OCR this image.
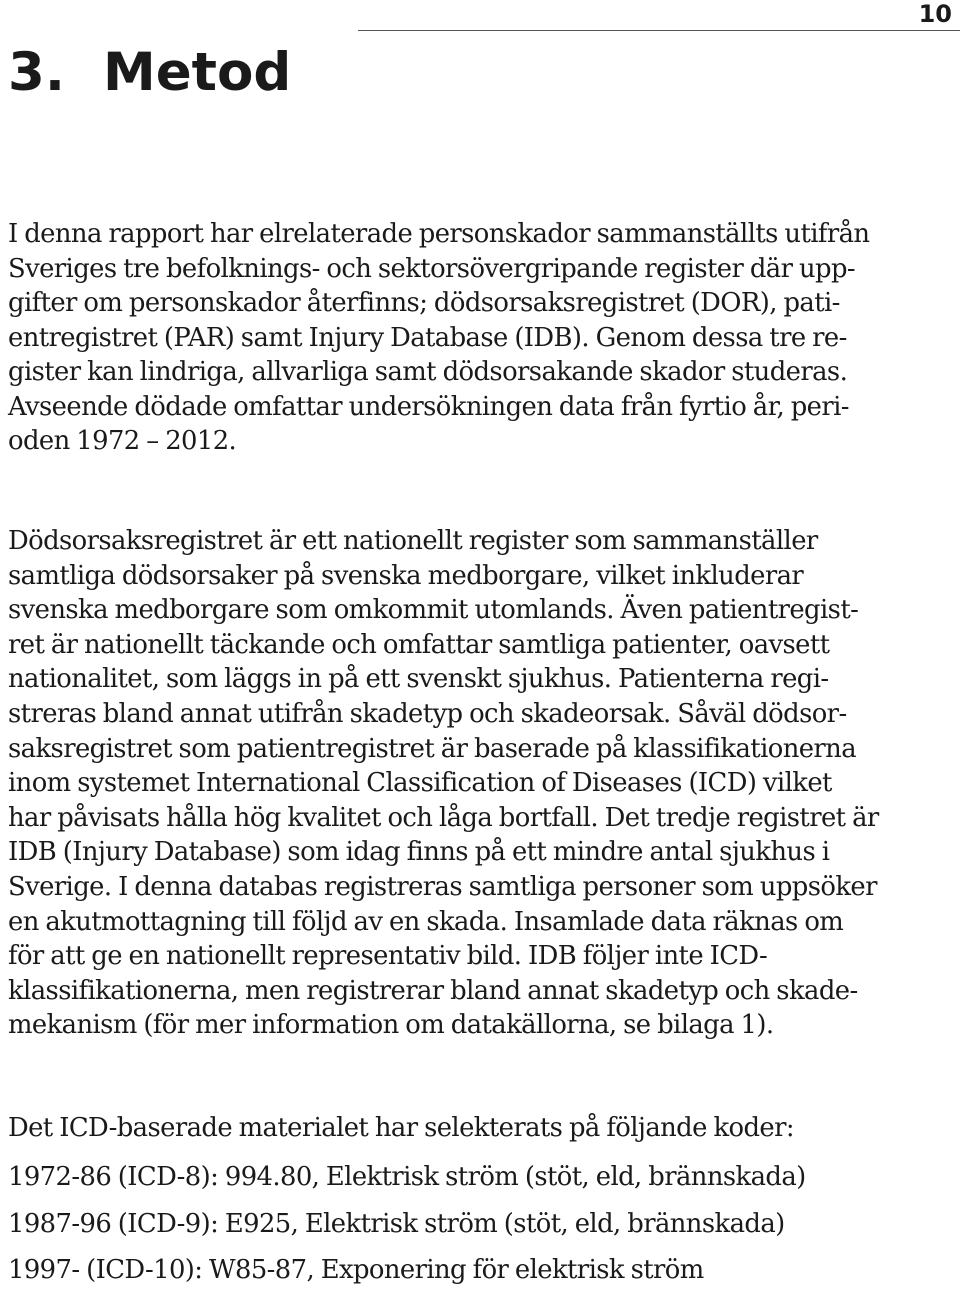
10
3. Metod
I denna rapport har elrelaterade personskador sammanställts utifrån
Sveriges tre befolknings- och sektorsövergripande register där upp-
gifter om personskador återfinns; dödsorsaksregistret (DOR), pati-
entregistret (PAR) samt Injury Database (IDB). Genom dessa tre re-
gister kan lindriga, allvarliga samt dödsorsakande skador studeras.
Avseende dödade omfattar undersökningen data från fyrtio år, peri-
oden 1972 – 2012.
Dödsorsaksregistret är ett nationellt register som sammanställer
samtliga dödsorsaker på svenska medborgare, vilket inkluderar
svenska medborgare som omkommit utomlands. Även patientregist-
ret är nationellt täckande och omfattar samtliga patienter, oavsett
nationalitet, som läggs in på ett svenskt sjukhus. Patienterna regi-
streras bland annat utifrån skadetyp och skadeorsak. Såväl dödsor-
saksregistret som patientregistret är baserade på klassifikationerna
inom systemet International Classification of Diseases (ICD) vilket
har påvisats hålla hög kvalitet och låga bortfall. Det tredje registret är
IDB (Injury Database) som idag finns på ett mindre antal sjukhus i
Sverige. I denna databas registreras samtliga personer som uppsöker
en akutmottagning till följd av en skada. Insamlade data räknas om
för att ge en nationellt representativ bild. IDB följer inte ICD-
klassifikationerna, men registrerar bland annat skadetyp och skade-
mekanism (för mer information om datakällorna, se bilaga 1).
Det ICD-baserade materialet har selekterats på följande koder:
1972-86 (ICD-8): 994.80, Elektrisk ström (stöt, eld, brännskada)
1987-96 (ICD-9): E925, Elektrisk ström (stöt, eld, brännskada)
1997- (ICD-10): W85-87, Exponering för elektrisk ström
